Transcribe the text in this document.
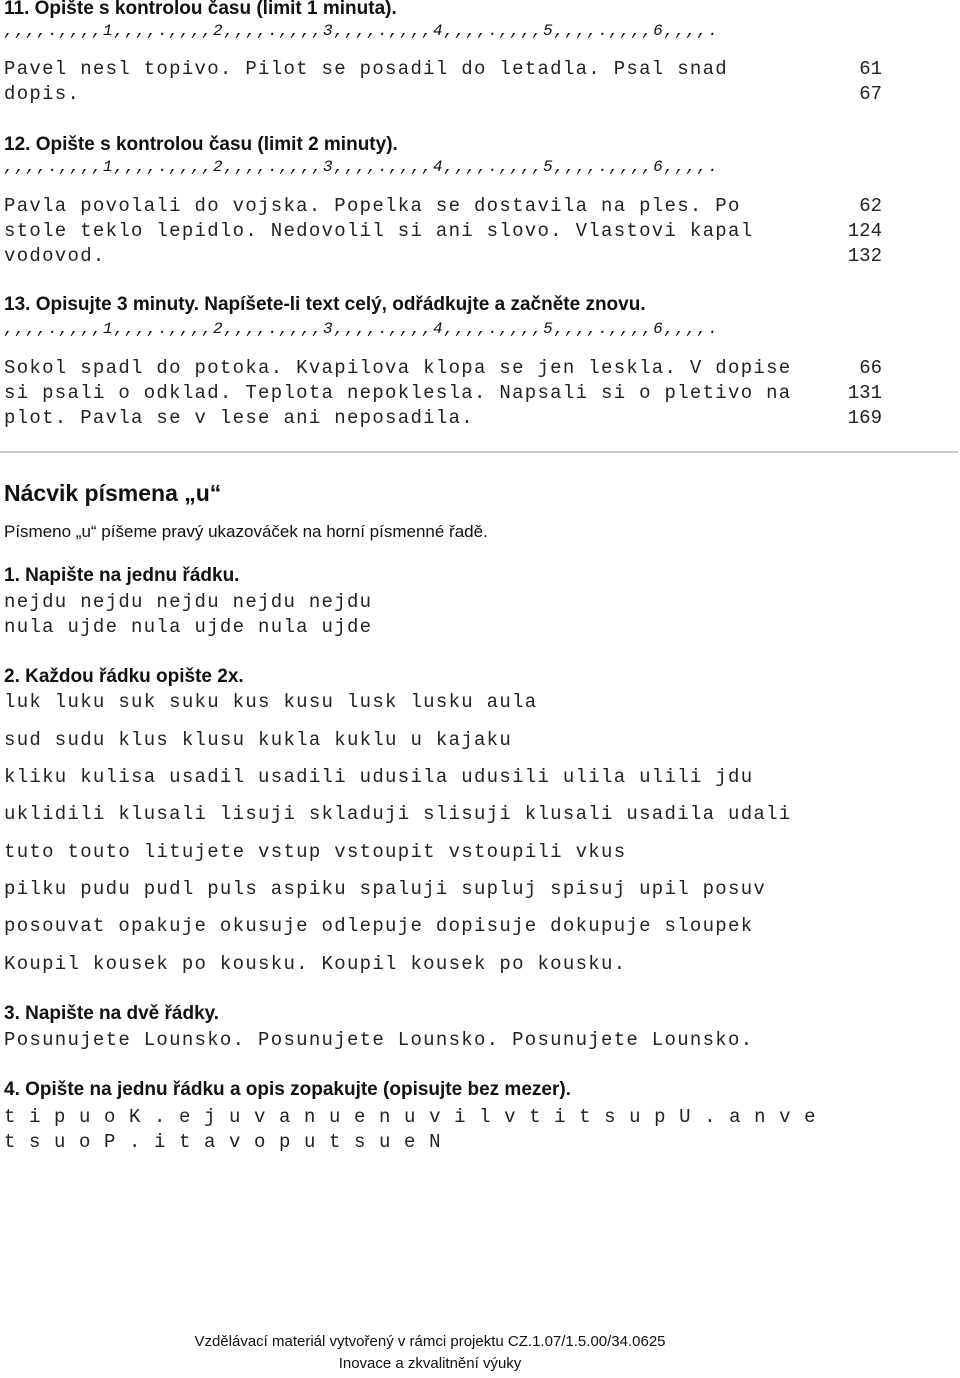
11. Opište s kontrolou času (limit 1 minuta).
,,,,.,,,,1,,,,.,,,,2,,,,.,,,,3,,,,.,,,,4,,,,.,,,,5,,,,.,,,,6,,,,.
Pavel nesl topivo. Pilot se posadil do letadla. Psal snad	61
dopis.	67
12. Opište s kontrolou času (limit 2 minuty).
,,,,.,,,,1,,,,.,,,,2,,,,.,,,,3,,,,.,,,,4,,,,.,,,,5,,,,.,,,,6,,,,.
Pavla povolali do vojska. Popelka se dostavila na ples. Po	62
stole teklo lepidlo. Nedovolil si ani slovo. Vlastovi kapal	124
vodovod.	132
13. Opisujte 3 minuty. Napíšete-li text celý, odřádkujte a začněte znovu.
,,,,.,,,,1,,,,.,,,,2,,,,.,,,,3,,,,.,,,,4,,,,.,,,,5,,,,.,,,,6,,,,.
Sokol spadl do potoka. Kvapilova klopa se jen leskla. V dopise	66
si psali o odklad. Teplota nepoklesla. Napsali si o pletivo na	131
plot. Pavla se v lese ani neposadila.	169
Nácvik písmena „u“
Písmeno „u“ píšeme pravý ukazováček na horní písmenné řadě.
1. Napište na jednu řádku.
nejdu nejdu nejdu nejdu nejdu
nula ujde nula ujde nula ujde
2. Každou řádku opište 2x.
luk luku suk suku kus kusu lusk lusku aula
sud sudu klus klusu kukla kuklu u kajaku
kliku kulisa usadil usadili udusila udusili ulila ulili jdu
uklidili klusali lisuji skladuji slisuji klusali usadila udali
tuto touto litujete vstup vstoupit vstoupili vkus
pilku pudu pudl puls aspiku spaluji supluj spisuj upil posuv
posouvat opakuje okusuje odlepuje dopisuje dokupuje sloupek
Koupil kousek po kousku. Koupil kousek po kousku.
3. Napište na dvě řádky.
Posunujete Lounsko. Posunujete Lounsko. Posunujete Lounsko.
4. Opište na jednu řádku a opis zopakujte (opisujte bez mezer).
t i p u o K . e j u v a n u e n u v i l v t i t s u p U . a n v e
t s u o P . i t a v o p u t s u e N
Vzdělávací materiál vytvořený v rámci projektu CZ.1.07/1.5.00/34.0625
Inovace a zkvalitnění výuky
